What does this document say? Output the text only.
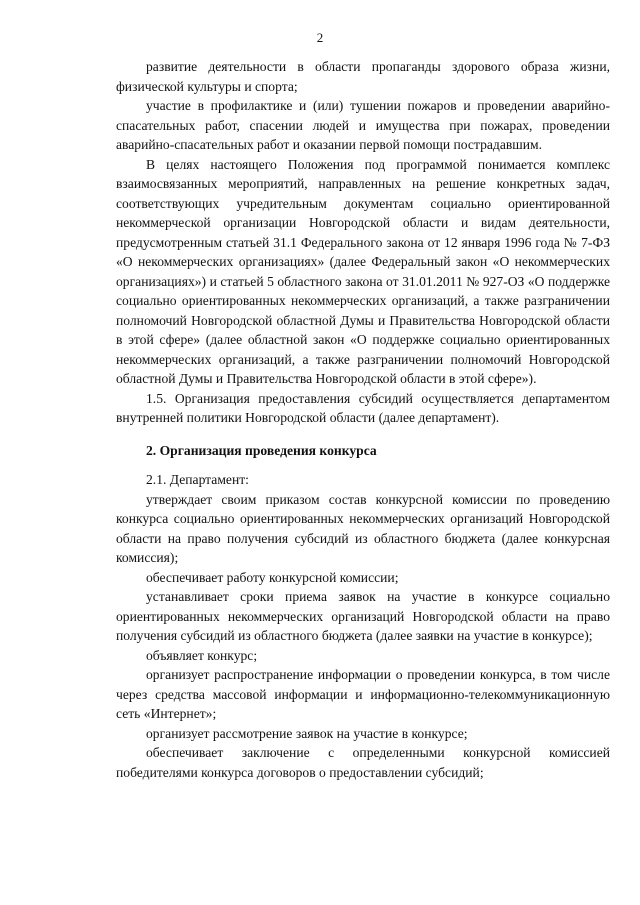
2

развитие деятельности в области пропаганды здорового образа жизни, физической культуры и спорта;

участие в профилактике и (или) тушении пожаров и проведении аварийно-спасательных работ, спасении людей и имущества при пожарах, проведении аварийно-спасательных работ и оказании первой помощи пострадавшим.

В целях настоящего Положения под программой понимается комплекс взаимосвязанных мероприятий, направленных на решение конкретных задач, соответствующих учредительным документам социально ориентированной некоммерческой организации Новгородской области и видам деятельности, предусмотренным статьей 31.1 Федерального закона от 12 января 1996 года № 7-ФЗ «О некоммерческих организациях» (далее Федеральный закон «О некоммерческих организациях») и статьей 5 областного закона от 31.01.2011 № 927-ОЗ «О поддержке социально ориентированных некоммерческих организаций, а также разграничении полномочий Новгородской областной Думы и Правительства Новгородской области в этой сфере» (далее областной закон «О поддержке социально ориентированных некоммерческих организаций, а также разграничении полномочий Новгородской областной Думы и Правительства Новгородской области в этой сфере»).

1.5. Организация предоставления субсидий осуществляется департаментом внутренней политики Новгородской области (далее департамент).

2. Организация проведения конкурса

2.1. Департамент:

утверждает своим приказом состав конкурсной комиссии по проведению конкурса социально ориентированных некоммерческих организаций Новгородской области на право получения субсидий из областного бюджета (далее конкурсная комиссия);

обеспечивает работу конкурсной комиссии;

устанавливает сроки приема заявок на участие в конкурсе социально ориентированных некоммерческих организаций Новгородской области на право получения субсидий из областного бюджета (далее заявки на участие в конкурсе);

объявляет конкурс;

организует распространение информации о проведении конкурса, в том числе через средства массовой информации и информационно-телекоммуникационную сеть «Интернет»;

организует рассмотрение заявок на участие в конкурсе;

обеспечивает заключение с определенными конкурсной комиссией победителями конкурса договоров о предоставлении субсидий;
